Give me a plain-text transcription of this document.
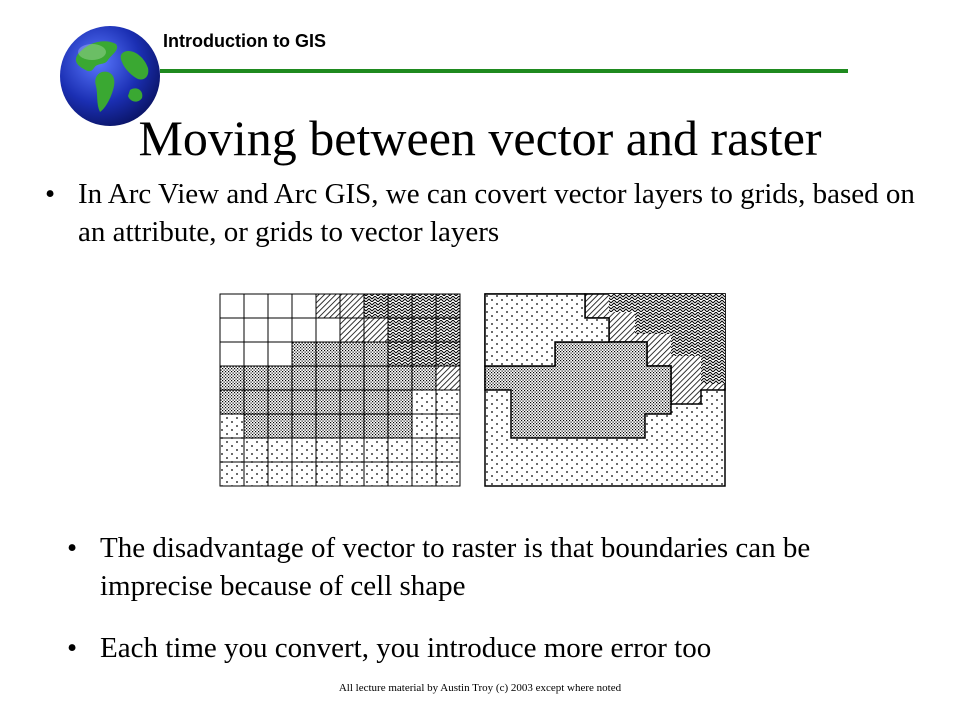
Introduction to GIS
Moving between vector and raster
• In Arc View and Arc GIS, we can covert vector layers to grids, based on an attribute, or grids to vector layers
• The disadvantage of vector to raster is that boundaries can be imprecise because of cell shape
• Each time you convert, you introduce more error too
All lecture material by Austin Troy (c) 2003 except where noted
